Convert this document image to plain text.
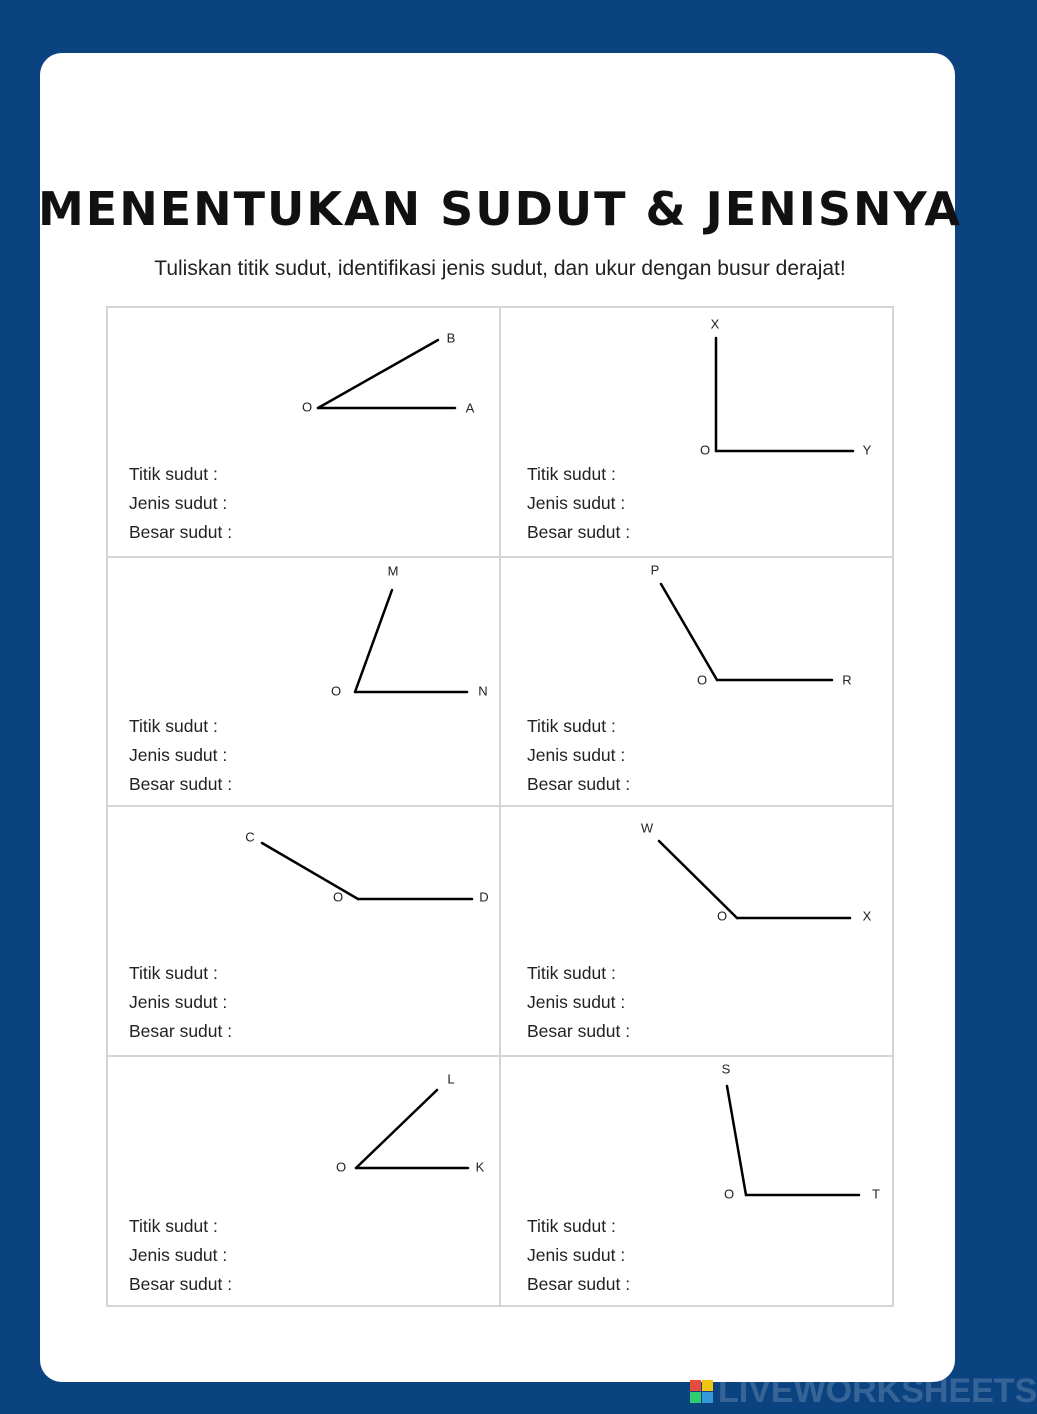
MENENTUKAN SUDUT & JENISNYA

Tuliskan titik sudut, identifikasi jenis sudut, dan ukur dengan busur derajat!

B
O	A
X
O	Y
M
O	N
P
O	R
C
O	D
W
O	X
L
O	K
S
O	T
Titik sudut :
Jenis sudut :
Besar sudut :
Titik sudut :
Jenis sudut :
Besar sudut :
Titik sudut :
Jenis sudut :
Besar sudut :
Titik sudut :
Jenis sudut :
Besar sudut :
Titik sudut :
Jenis sudut :
Besar sudut :
Titik sudut :
Jenis sudut :
Besar sudut :
Titik sudut :
Jenis sudut :
Besar sudut :
Titik sudut :
Jenis sudut :
Besar sudut :
LIVEWORKSHEETS
